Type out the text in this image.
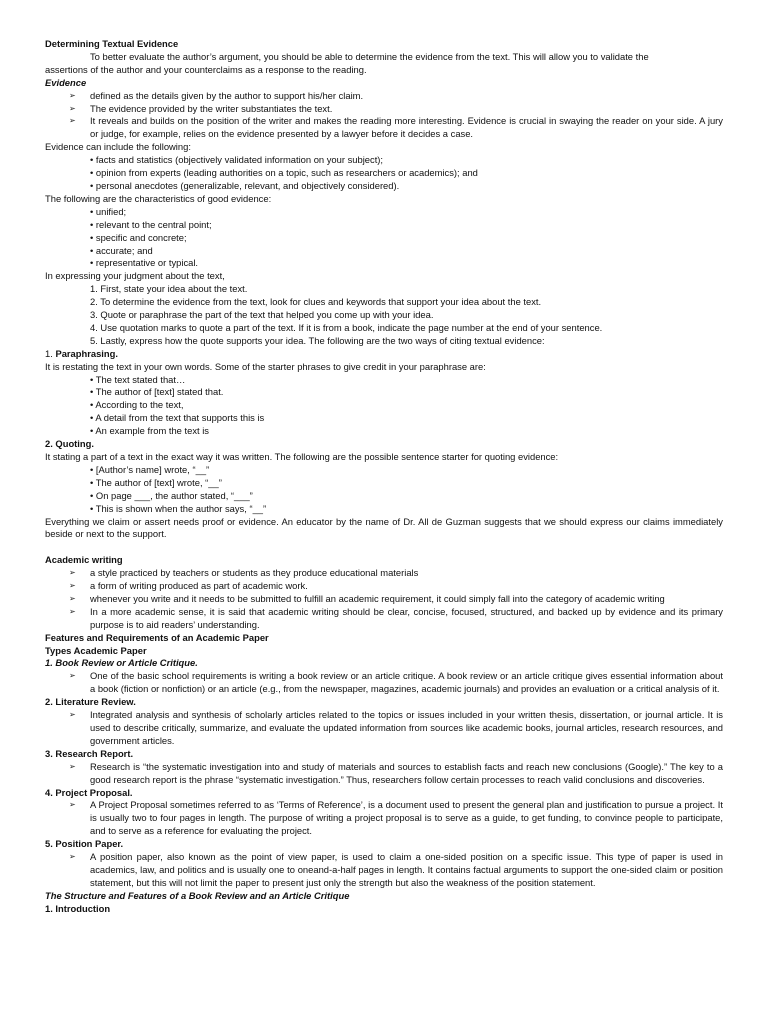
Determining Textual Evidence
To better evaluate the author’s argument, you should be able to determine the evidence from the text. This will allow you to validate the
assertions of the author and your counterclaims as a response to the reading.
Evidence
➢ defined as the details given by the author to support his/her claim.
➢ The evidence provided by the writer substantiates the text.
➢ It reveals and builds on the position of the writer and makes the reading more interesting. Evidence is crucial in swaying the reader on your side. A jury or judge, for example, relies on the evidence presented by a lawyer before it decides a case.
Evidence can include the following:
• facts and statistics (objectively validated information on your subject);
• opinion from experts (leading authorities on a topic, such as researchers or academics); and
• personal anecdotes (generalizable, relevant, and objectively considered).
The following are the characteristics of good evidence:
• unified;
• relevant to the central point;
• specific and concrete;
• accurate; and
• representative or typical.
In expressing your judgment about the text,
1. First, state your idea about the text.
2. To determine the evidence from the text, look for clues and keywords that support your idea about the text.
3. Quote or paraphrase the part of the text that helped you come up with your idea.
4. Use quotation marks to quote a part of the text. If it is from a book, indicate the page number at the end of your sentence.
5. Lastly, express how the quote supports your idea. The following are the two ways of citing textual evidence:
1. Paraphrasing.
It is restating the text in your own words. Some of the starter phrases to give credit in your paraphrase are:
• The text stated that…
• The author of [text] stated that.
• According to the text,
• A detail from the text that supports this is
• An example from the text is
2. Quoting.
It stating a part of a text in the exact way it was written. The following are the possible sentence starter for quoting evidence:
• [Author’s name] wrote, “__”
• The author of [text] wrote, “__”
• On page ___, the author stated, “___”
• This is shown when the author says, “__”
Everything we claim or assert needs proof or evidence. An educator by the name of Dr. All de Guzman suggests that we should express our claims immediately beside or next to the support.
Academic writing
➢ a style practiced by teachers or students as they produce educational materials
➢ a form of writing produced as part of academic work.
➢ whenever you write and it needs to be submitted to fulfill an academic requirement, it could simply fall into the category of academic writing
➢ In a more academic sense, it is said that academic writing should be clear, concise, focused, structured, and backed up by evidence and its primary purpose is to aid readers’ understanding.
Features and Requirements of an Academic Paper
Types Academic Paper
1. Book Review or Article Critique.
➢ One of the basic school requirements is writing a book review or an article critique. A book review or an article critique gives essential information about a book (fiction or nonfiction) or an article (e.g., from the newspaper, magazines, academic journals) and provides an evaluation or a critical analysis of it.
2. Literature Review.
➢ Integrated analysis and synthesis of scholarly articles related to the topics or issues included in your written thesis, dissertation, or journal article. It is used to describe critically, summarize, and evaluate the updated information from sources like academic books, journal articles, research resources, and government articles.
3. Research Report.
➢ Research is “the systematic investigation into and study of materials and sources to establish facts and reach new conclusions (Google).” The key to a good research report is the phrase “systematic investigation.” Thus, researchers follow certain processes to reach valid conclusions and discoveries.
4. Project Proposal.
➢ A Project Proposal sometimes referred to as ‘Terms of Reference’, is a document used to present the general plan and justification to pursue a project. It is usually two to four pages in length. The purpose of writing a project proposal is to serve as a guide, to get funding, to convince people to participate, and to serve as a reference for evaluating the project.
5. Position Paper.
➢ A position paper, also known as the point of view paper, is used to claim a one-sided position on a specific issue. This type of paper is used in academics, law, and politics and is usually one to oneand-a-half pages in length. It contains factual arguments to support the one-sided claim or position statement, but this will not limit the paper to present just only the strength but also the weakness of the position statement.
The Structure and Features of a Book Review and an Article Critique
1. Introduction
